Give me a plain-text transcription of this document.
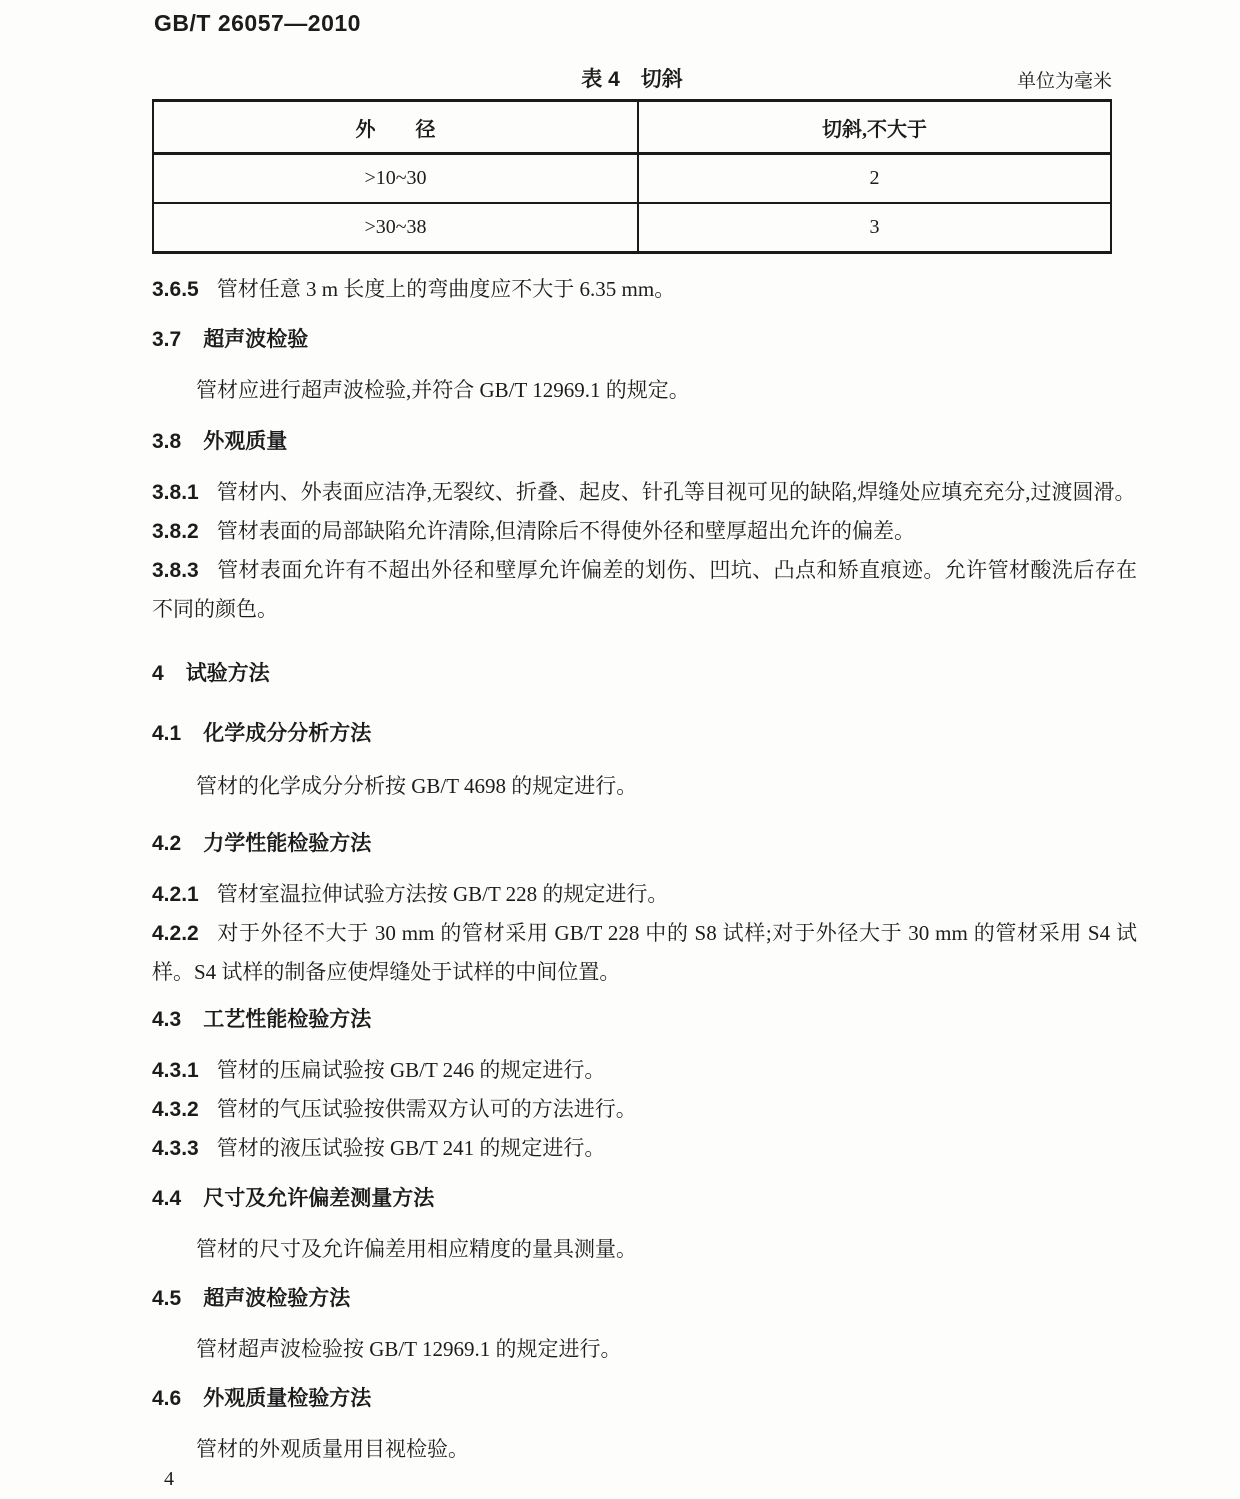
GB/T 26057—2010
表 4　切斜	单位为毫米
外　　径	切斜,不大于
>10~30	2
>30~38	3
3.6.5 管材任意 3 m 长度上的弯曲度应不大于 6.35 mm。
3.7 超声波检验
管材应进行超声波检验,并符合 GB/T 12969.1 的规定。
3.8 外观质量
3.8.1 管材内、外表面应洁净,无裂纹、折叠、起皮、针孔等目视可见的缺陷,焊缝处应填充充分,过渡圆滑。
3.8.2 管材表面的局部缺陷允许清除,但清除后不得使外径和壁厚超出允许的偏差。
3.8.3 管材表面允许有不超出外径和壁厚允许偏差的划伤、凹坑、凸点和矫直痕迹。允许管材酸洗后存在不同的颜色。
4 试验方法
4.1 化学成分分析方法
管材的化学成分分析按 GB/T 4698 的规定进行。
4.2 力学性能检验方法
4.2.1 管材室温拉伸试验方法按 GB/T 228 的规定进行。
4.2.2 对于外径不大于 30 mm 的管材采用 GB/T 228 中的 S8 试样;对于外径大于 30 mm 的管材采用 S4 试样。S4 试样的制备应使焊缝处于试样的中间位置。
4.3 工艺性能检验方法
4.3.1 管材的压扁试验按 GB/T 246 的规定进行。
4.3.2 管材的气压试验按供需双方认可的方法进行。
4.3.3 管材的液压试验按 GB/T 241 的规定进行。
4.4 尺寸及允许偏差测量方法
管材的尺寸及允许偏差用相应精度的量具测量。
4.5 超声波检验方法
管材超声波检验按 GB/T 12969.1 的规定进行。
4.6 外观质量检验方法
管材的外观质量用目视检验。
4
